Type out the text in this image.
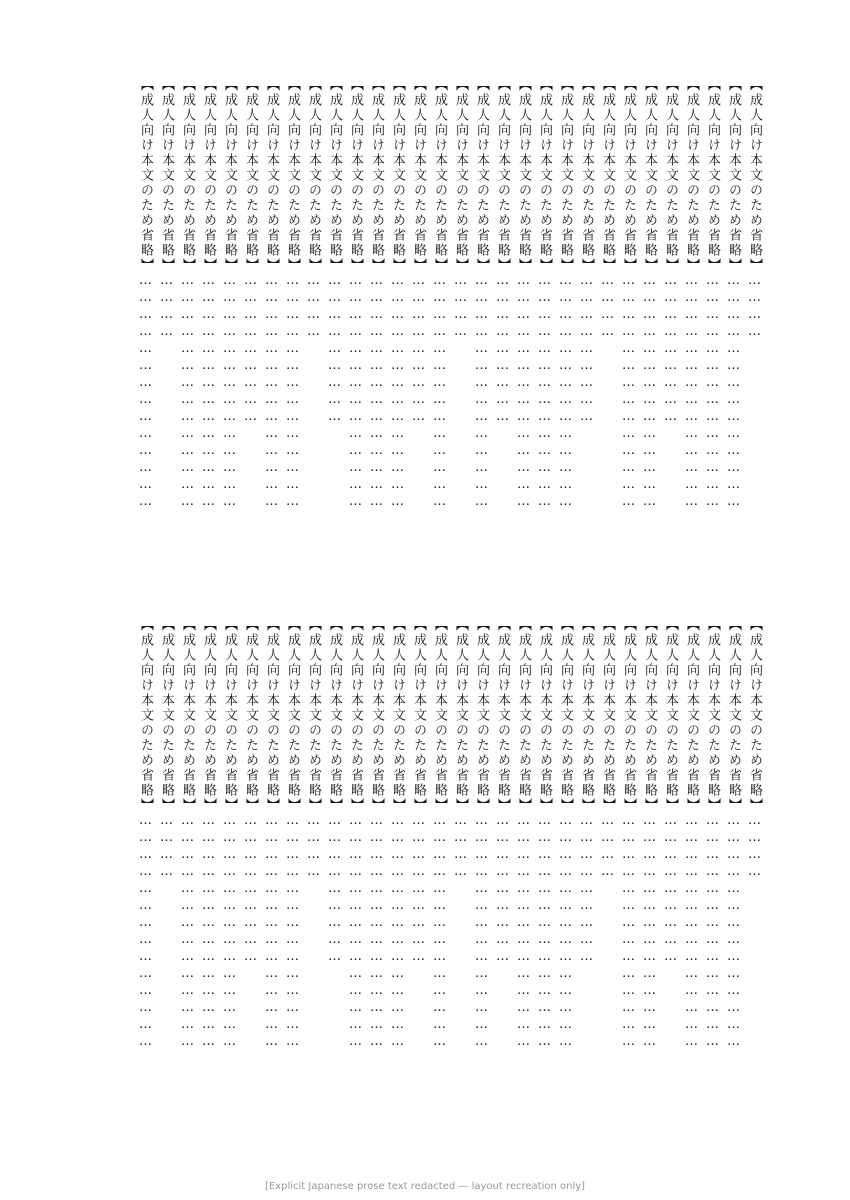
【成人向け本文のため省略】…………
【成人向け本文のため省略】……………………………………
【成人向け本文のため省略】……………………………………
【成人向け本文のため省略】……………………………………
【成人向け本文のため省略】………………………
【成人向け本文のため省略】……………………………………
【成人向け本文のため省略】……………………………………
【成人向け本文のため省略】…………
【成人向け本文のため省略】………………………
【成人向け本文のため省略】……………………………………
【成人向け本文のため省略】……………………………………
【成人向け本文のため省略】……………………………………
【成人向け本文のため省略】………………………
【成人向け本文のため省略】……………………………………
【成人向け本文のため省略】…………
【成人向け本文のため省略】……………………………………
【成人向け本文のため省略】………………………
【成人向け本文のため省略】……………………………………
【成人向け本文のため省略】……………………………………
【成人向け本文のため省略】……………………………………
【成人向け本文のため省略】………………………
【成人向け本文のため省略】…………
【成人向け本文のため省略】……………………………………
【成人向け本文のため省略】……………………………………
【成人向け本文のため省略】………………………
【成人向け本文のため省略】……………………………………
【成人向け本文のため省略】……………………………………
【成人向け本文のため省略】……………………………………
【成人向け本文のため省略】…………
【成人向け本文のため省略】……………………………………
【成人向け本文のため省略】…………
【成人向け本文のため省略】……………………………………
【成人向け本文のため省略】……………………………………
【成人向け本文のため省略】……………………………………
【成人向け本文のため省略】………………………
【成人向け本文のため省略】……………………………………
【成人向け本文のため省略】……………………………………
【成人向け本文のため省略】…………
【成人向け本文のため省略】………………………
【成人向け本文のため省略】……………………………………
【成人向け本文のため省略】……………………………………
【成人向け本文のため省略】……………………………………
【成人向け本文のため省略】………………………
【成人向け本文のため省略】……………………………………
【成人向け本文のため省略】…………
【成人向け本文のため省略】……………………………………
【成人向け本文のため省略】………………………
【成人向け本文のため省略】……………………………………
【成人向け本文のため省略】……………………………………
【成人向け本文のため省略】……………………………………
【成人向け本文のため省略】………………………
【成人向け本文のため省略】…………
【成人向け本文のため省略】……………………………………
【成人向け本文のため省略】……………………………………
【成人向け本文のため省略】………………………
【成人向け本文のため省略】……………………………………
【成人向け本文のため省略】……………………………………
【成人向け本文のため省略】……………………………………
【成人向け本文のため省略】…………
【成人向け本文のため省略】……………………………………
[Explicit Japanese prose text redacted — layout recreation only]
